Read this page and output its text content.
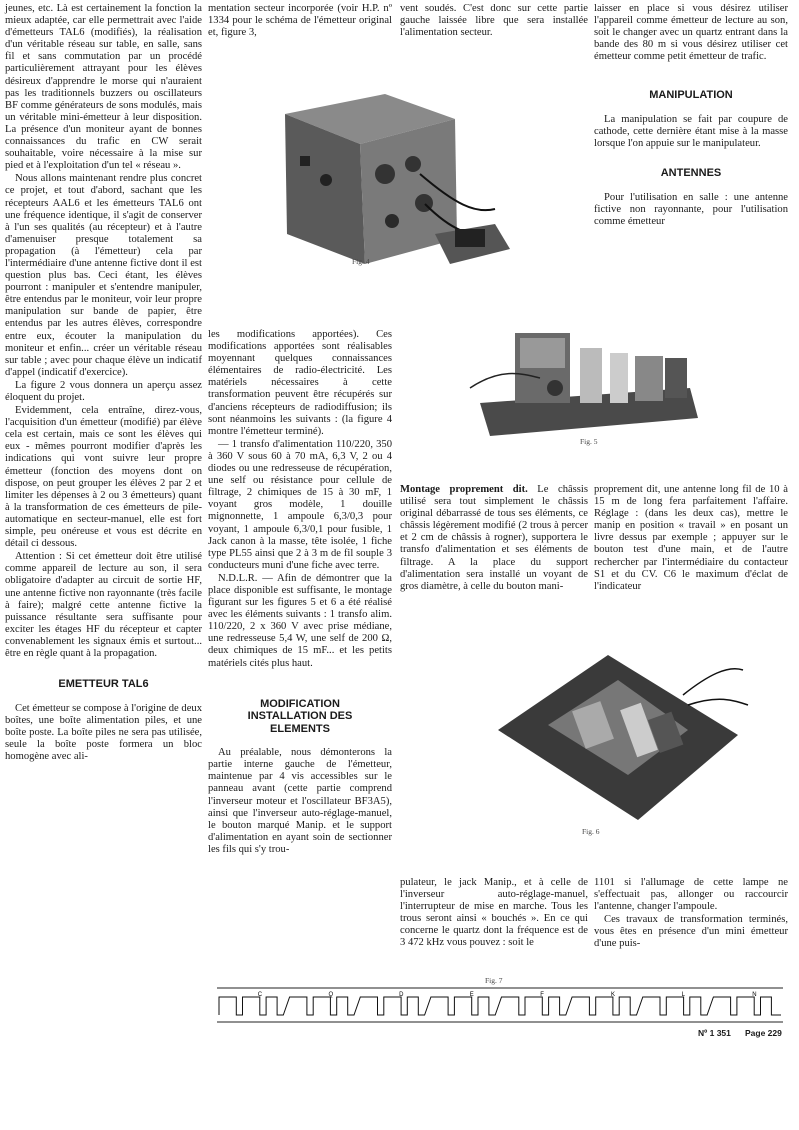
jeunes, etc. Là est certainement la fonction la mieux adaptée, car elle permettrait avec l'aide d'émetteurs TAL6 (modifiés), la réalisation d'un véritable réseau sur table, en salle, sans fil et sans commutation par un procédé particulièrement attrayant pour les élèves désireux d'apprendre le morse qui n'auraient pas les traditionnels buzzers ou oscillateurs BF comme générateurs de sons modulés, mais un véritable mini-émetteur à leur disposition. La présence d'un moniteur ayant de bonnes connaissances du trafic en CW serait souhaitable, voire nécessaire à la mise sur pied et à l'exploitation d'un tel « réseau ».

Nous allons maintenant rendre plus concret ce projet, et tout d'abord, sachant que les récepteurs AAL6 et les émetteurs TAL6 ont une fréquence identique, il s'agit de conserver à l'un ses qualités (au récepteur) et à l'autre d'amenuiser presque totalement sa propagation (à l'émetteur) cela par l'intermédiaire d'une antenne fictive dont il est question plus bas. Ceci étant, les élèves pourront : manipuler et s'entendre manipuler, être entendus par le moniteur, voir leur propre manipulation sur bande de papier, être entendus par les autres élèves, correspondre entre eux, écouter la manipulation du moniteur et enfin... créer un véritable réseau sur table ; avec pour chaque élève un indicatif d'appel (indicatif d'exercice).

La figure 2 vous donnera un aperçu assez éloquent du projet.

Evidemment, cela entraîne, direz-vous, l'acquisition d'un émetteur (modifié) par élève cela est certain, mais ce sont les élèves qui eux - mêmes pourront modifier d'après les indications qui vont suivre leur propre émetteur (fonction des moyens dont on dispose, on peut grouper les élèves 2 par 2 et limiter les dépenses à 2 ou 3 émetteurs) quant à la transformation de ces émetteurs de pile-automatique en secteur-manuel, elle est fort simple, peu onéreuse et vous est décrite en détail ci dessous.

Attention : Si cet émetteur doit être utilisé comme appareil de lecture au son, il sera obligatoire d'adapter au circuit de sortie HF, une antenne fictive non rayonnante (très facile à faire); malgré cette antenne fictive la puissance résultante sera suffisante pour exciter les étages HF du récepteur et capter convenablement les signaux émis et surtout... être en règle quant à la propagation.

EMETTEUR TAL6

Cet émetteur se compose à l'origine de deux boîtes, une boîte alimentation piles, et une boîte poste. La boîte piles ne sera pas utilisée, seule la boîte poste formera un bloc homogène avec ali-

mentation secteur incorporée (voir H.P. nº 1334 pour le schéma de l'émetteur original et, figure 3,

Fig. 4

les modifications apportées). Ces modifications apportées sont réalisables moyennant quelques connaissances élémentaires de radio-électricité. Les matériels nécessaires à cette transformation peuvent être récupérés sur d'anciens récepteurs de radiodiffusion; ils sont néanmoins les suivants : (la figure 4 montre l'émetteur terminé).

— 1 transfo d'alimentation 110/220, 350 à 360 V sous 60 à 70 mA, 6,3 V, 2 ou 4 diodes ou une redresseuse de récupération, une self ou résistance pour cellule de filtrage, 2 chimiques de 15 à 30 mF, 1 voyant gros modèle, 1 douille mignonnette, 1 ampoule 6,3/0,3 pour voyant, 1 ampoule 6,3/0,1 pour fusible, 1 Jack canon à la masse, tête isolée, 1 fiche type PL55 ainsi que 2 à 3 m de fil souple 3 conducteurs muni d'une fiche avec terre.

N.D.L.R. — Afin de démontrer que la place disponible est suffisante, le montage figurant sur les figures 5 et 6 a été réalisé avec les éléments suivants : 1 transfo alim. 110/220, 2 x 360 V avec prise médiane, une redresseuse 5,4 W, une self de 200 Ω, deux chimiques de 15 mF... et les petits matériels cités plus haut.

MODIFICATION INSTALLATION DES ELEMENTS

Au préalable, nous démonterons la partie interne gauche de l'émetteur, maintenue par 4 vis accessibles sur le panneau avant (cette partie comprend l'inverseur moteur et l'oscillateur BF3A5), ainsi que l'inverseur auto-réglage-manuel, le bouton marqué Manip. et le support d'alimentation en ayant soin de sectionner les fils qui s'y trou-

vent soudés. C'est donc sur cette partie gauche laissée libre que sera installée l'alimentation secteur.

Fig. 5

Montage proprement dit. Le châssis utilisé sera tout simplement le châssis original débarrassé de tous ses éléments, ce châssis légèrement modifié (2 trous à percer et 2 cm de châssis à rogner), supportera le transfo d'alimentation et ses éléments de filtrage. A la place du support d'alimentation sera installé un voyant de gros diamètre, à celle du bouton mani-

Fig. 6

pulateur, le jack Manip., et à celle de l'inverseur auto-réglage-manuel, l'interrupteur de mise en marche. Tous les trous seront ainsi « bouchés ». En ce qui concerne le quartz dont la fréquence est de 3 472 kHz vous pouvez : soit le

laisser en place si vous désirez utiliser l'appareil comme émetteur de lecture au son, soit le changer avec un quartz entrant dans la bande des 80 m si vous désirez utiliser cet émetteur comme petit émetteur de trafic.

MANIPULATION

La manipulation se fait par coupure de cathode, cette dernière étant mise à la masse lorsque l'on appuie sur le manipulateur.

ANTENNES

Pour l'utilisation en salle : une antenne fictive non rayonnante, pour l'utilisation comme émetteur

proprement dit, une antenne long fil de 10 à 15 m de long fera parfaitement l'affaire. Réglage : (dans les deux cas), mettre le manip en position « travail » en posant un livre dessus par exemple ; appuyer sur le bouton test d'une main, et de l'autre rechercher par l'intermédiaire du contacteur S1 et du CV. C6 le maximum d'éclat de l'indicateur

1101 si l'allumage de cette lampe ne s'effectuait pas, allonger ou raccourcir l'antenne, changer l'ampoule.

Ces travaux de transformation terminés, vous êtes en présence d'un mini émetteur d'une puis-

Fig. 7
C	Q	D	E	F	K	L	N
Nº 1 351 Page 229
